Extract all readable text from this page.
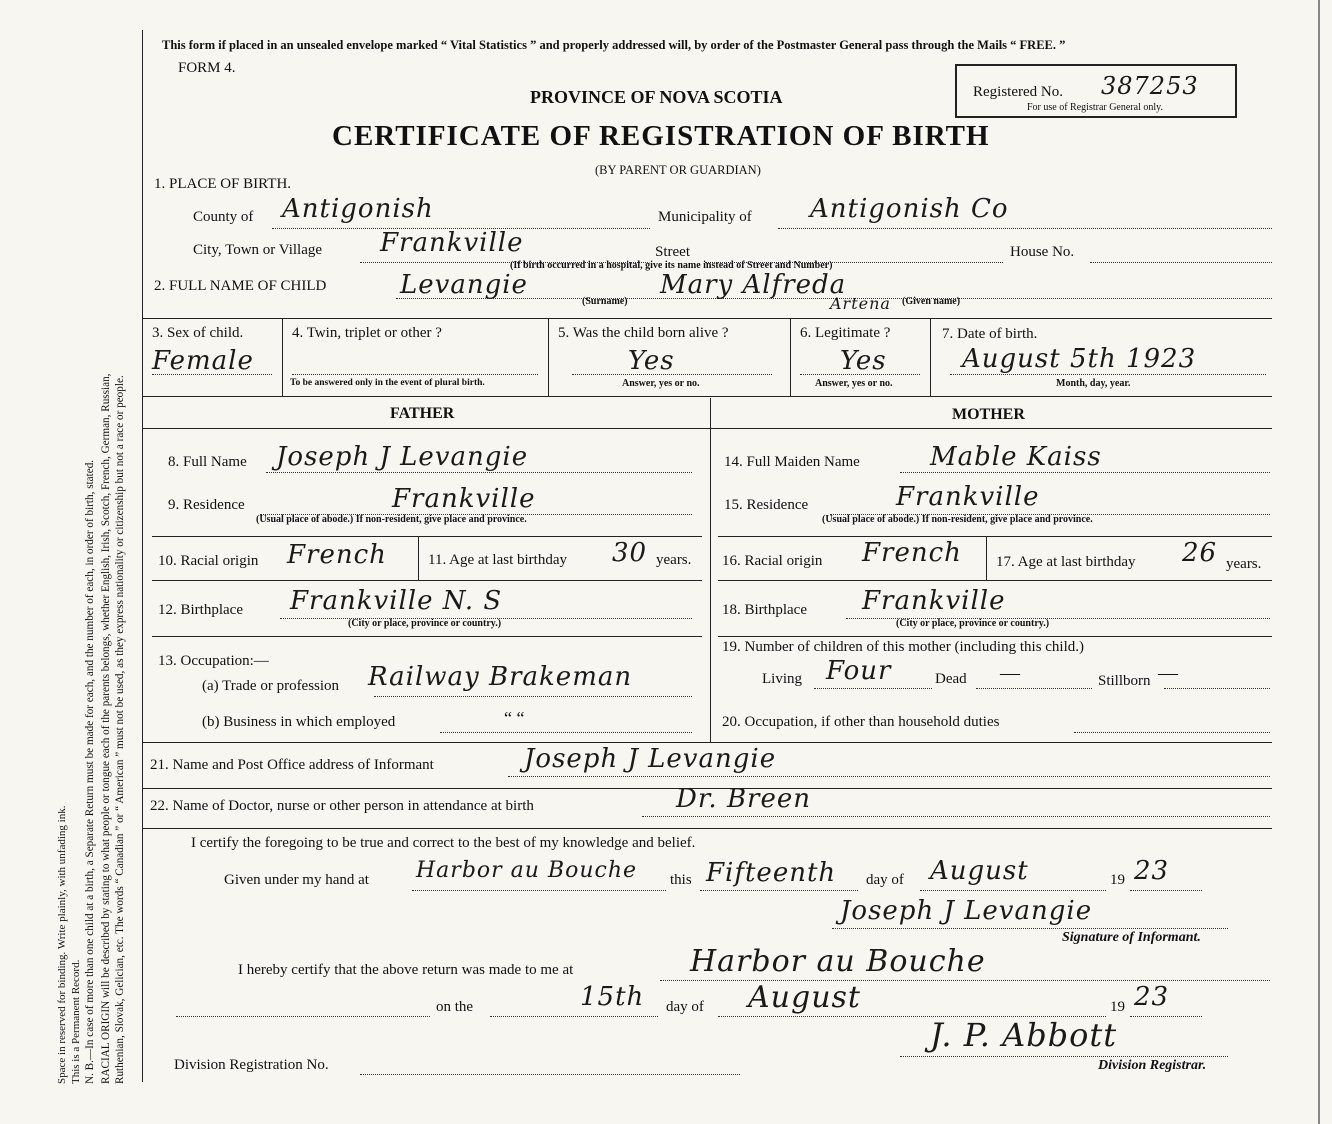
Space in reserved for binding. Write plainly, with unfading ink. This is a Permanent Record. N. B.—In case of more than one child at a birth, a Separate Return must be made for each, and the number of each, in order of birth, stated. RACIAL ORIGIN will be described by stating to what people or tongue each of the parents belongs, whether English, Irish, Scotch, French, German, Russian, Ruthenian, Slovak, Gelician, etc. The words “ Canadian ” or “ American ” must not be used, as they express nationality or citizenship but not a race or people.
This form if placed in an unsealed envelope marked “ Vital Statistics ” and properly addressed will, by order of the Postmaster General pass through the Mails “ FREE. ”
FORM 4.
PROVINCE OF NOVA SCOTIA
CERTIFICATE OF REGISTRATION OF BIRTH
(BY PARENT OR GUARDIAN)
Registered No. 387253
For use of Registrar General only.
1. PLACE OF BIRTH.
County of Antigonish	Municipality of Antigonish Co
City, Town or Village Frankville	Street	House No.
(If birth occurred in a hospital, give its name instead of Street and Number)
2. FULL NAME OF CHILD	Levangie
(Surname)
Mary Alfreda
Artena (Given name)
3. Sex of child.
Female
4. Twin, triplet or other ?
To be answered only in the event of plural birth.
5. Was the child born alive ?
Yes
Answer, yes or no.
6. Legitimate ?
Yes
Answer, yes or no.
7. Date of birth.
August 5th 1923
Month, day, year.
FATHER	MOTHER
8. Full Name Joseph J Levangie
9. Residence	Frankville
(Usual place of abode.) If non-resident, give place and province.
10. Racial origin French	11. Age at last birthday 30 years.
12. Birthplace Frankville N. S
(City or place, province or country.)
13. Occupation:—
(a) Trade or profession Railway Brakeman
(b) Business in which employed	“ “
14. Full Maiden Name	Mable Kaiss
15. Residence	Frankville
(Usual place of abode.) If non-resident, give place and province.
16. Racial origin French 17. Age at last birthday 26 years.
18. Birthplace Frankville
(City or place, province or country.)
19. Number of children of this mother (including this child.)
Living Four	Dead —	Stillborn —
20. Occupation, if other than household duties
21. Name and Post Office address of Informant	Joseph J Levangie
22. Name of Doctor, nurse or other person in attendance at birth	Dr. Breen
I certify the foregoing to be true and correct to the best of my knowledge and belief.
Given under my hand at Harbor au Bouche this Fifteenth day of August	19 23
Joseph J Levangie
Signature of Informant.
I hereby certify that the above return was made to me at	Harbor au Bouche
on the	15th day of August	19 23
Division Registration No.
J. P. Abbott
Division Registrar.
